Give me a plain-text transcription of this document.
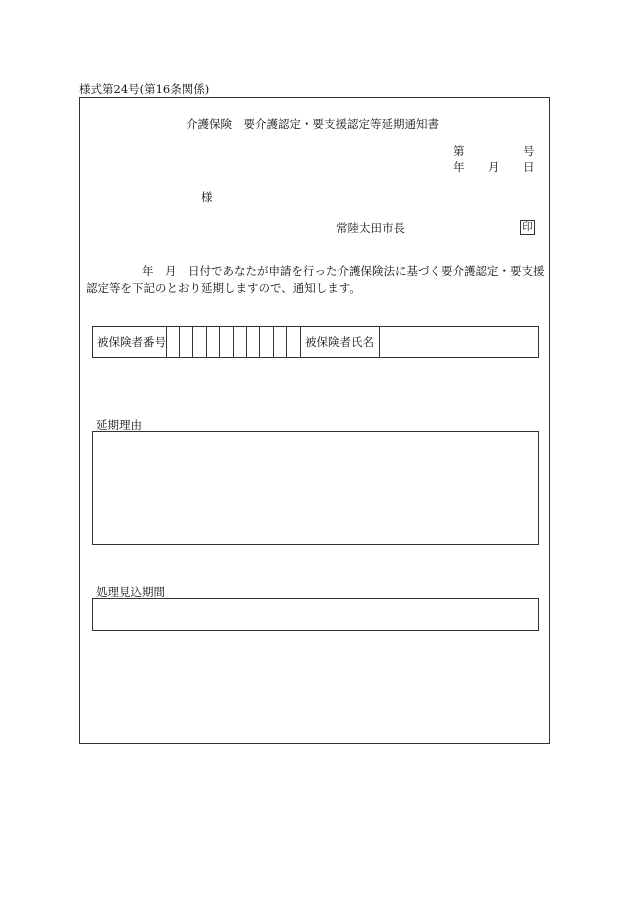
様式第24号(第16条関係)
介護保険　要介護認定・要支援認定等延期通知書
第	号
年 月 日
様
常陸太田市長	印
年　月　日付であなたが申請を行った介護保険法に基づく要介護認定・要支援認定等を下記のとおり延期しますので、通知します。
被保険者番号	被保険者氏名
延期理由
処理見込期間
